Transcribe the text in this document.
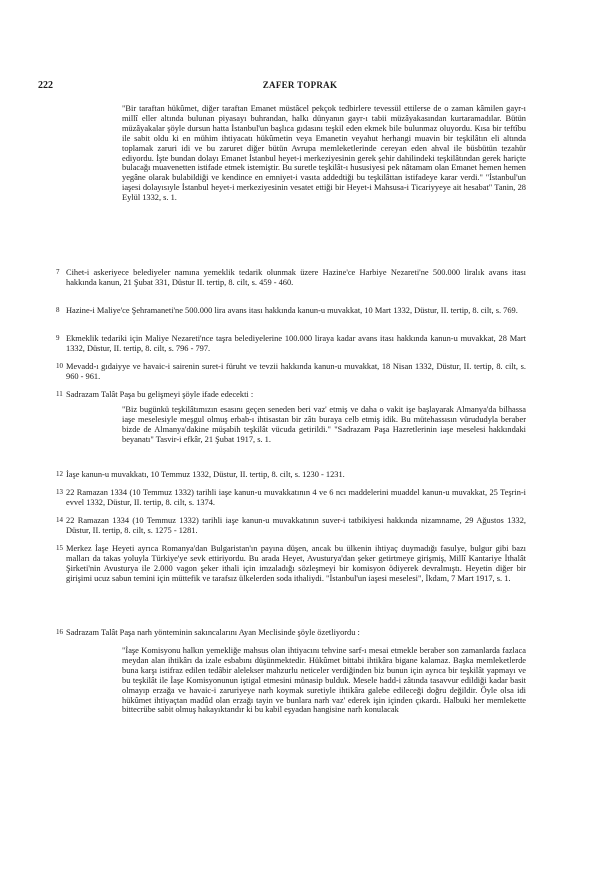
222	ZAFER TOPRAK

"Bir taraftan hükûmet, diğer taraftan Emanet müstâcel pekçok tedbirlere tevessül ettilerse de o zaman kâmilen gayr-ı millî eller altında bulunan piyasayı buhrandan, halkı dünyanın gayr-ı tabii müzâyakasından kurtaramadılar. Bütün müzâyakalar şöyle dursun hatta İstanbul'un başlıca gıdasını teşkil eden ekmek bile bulunmaz oluyordu. Kısa bir teftîbu ile sabit oldu ki en mühim ihtiyacatı hükûmetin veya Emanetin veyahut herhangi muavin bir teşkilâtın eli altında toplamak zaruri idi ve bu zaruret diğer bütün Avrupa memleketlerinde cereyan eden ahval ile büsbütün tezahür ediyordu. İşte bundan dolayı Emanet İstanbul heyet-i merkeziyesinin gerek şehir dahilindeki teşkilâtından gerek hariçte bulacağı muavenetten istifade etmek istemiştir. Bu suretle teşkilât-ı hususiyesi pek nâtamam olan Emanet hemen hemen yegâne olarak bulabildiği ve kendince en emniyet-i vasıta addedtiği bu teşkilâttan istifadeye karar verdi." "İstanbul'un iaşesi dolayısıyle İstanbul heyet-i merkeziyesinin vesatet ettiği bir Heyet-i Mahsusa-i Ticariyyeye ait hesabat" Tanin, 28 Eylül 1332, s. 1.

7 Cihet-i askeriyece belediyeler namına yemeklik tedarik olunmak üzere Hazine'ce Harbiye Nezareti'ne 500.000 liralık avans itası hakkında kanun, 21 Şubat 331, Düstur II. tertip, 8. cilt, s. 459 - 460.

8 Hazine-i Maliye'ce Şehramaneti'ne 500.000 lira avans itası hakkında kanun-u muvakkat, 10 Mart 1332, Düstur, II. tertip, 8. cilt, s. 769.

9 Ekmeklik tedariki için Maliye Nezareti'nce taşra belediyelerine 100.000 liraya kadar avans itası hakkında kanun-u muvakkat, 28 Mart 1332, Düstur, II. tertip, 8. cilt, s. 796 - 797.

10 Mevadd-ı gıdaiyye ve havaic-i sairenin suret-i füruht ve tevzii hakkında kanun-u muvakkat, 18 Nisan 1332, Düstur, II. tertip, 8. cilt, s. 960 - 961.

11 Sadrazam Talât Paşa bu gelişmeyi şöyle ifade edecekti :

"Biz bugünkü teşkilâtımızın esasını geçen seneden beri vaz' etmiş ve daha o vakit işe başlayarak Almanya'da bilhassa iaşe meselesiyle meşgul olmuş erbab-ı ihtisastan bir zâtı buraya celb etmiş idik. Bu mütehassısın vürududyla beraber bizde de Almanya'dakine müşabih teşkilât vücuda getirildi." "Sadrazam Paşa Hazretlerinin iaşe meselesi hakkındaki beyanatı" Tasvir-i efkâr, 21 Şubat 1917, s. 1.

12 İaşe kanun-u muvakkatı, 10 Temmuz 1332, Düstur, II. tertip, 8. cilt, s. 1230 - 1231.

13 22 Ramazan 1334 (10 Temmuz 1332) tarihli iaşe kanun-u muvakkatının 4 ve 6 ncı maddelerini muaddel kanun-u muvakkat, 25 Teşrin-i evvel 1332, Düstur, II. tertip, 8. cilt, s. 1374.

14 22 Ramazan 1334 (10 Temmuz 1332) tarihli iaşe kanun-u muvakkatının suver-i tatbikiyesi hakkında nizamname, 29 Ağustos 1332, Düstur, II. tertip, 8. cilt, s. 1275 - 1281.

15 Merkez İaşe Heyeti ayrıca Romanya'dan Bulgaristan'ın payına düşen, ancak bu ülkenin ihtiyaç duymadığı fasulye, bulgur gibi bazı malları da takas yoluyla Türkiye'ye sevk ettiriyordu. Bu arada Heyet, Avusturya'dan şeker getirtmeye girişmiş, Millî Kantariye İthalât Şirketi'nin Avusturya ile 2.000 vagon şeker ithali için imzaladığı sözleşmeyi bir komisyon ödiyerek devralmıştı. Heyetin diğer bir girişimi ucuz sabun temini için müttefik ve tarafsız ülkelerden soda ithaliydi. "İstanbul'un iaşesi meselesi", İkdam, 7 Mart 1917, s. 1.

16 Sadrazam Talât Paşa narh yönteminin sakıncalarını Ayan Meclisinde şöyle özetliyordu :

"İaşe Komisyonu halkın yemekliğe mahsus olan ihtiyacını tehvine sarf-ı mesai etmekle beraber son zamanlarda fazlaca meydan alan ihtikârı da izale esbabını düşünmektedir. Hükûmet bittabi ihtikâra bigane kalamaz. Başka memleketlerde buna karşı istifraz edilen tedâbir alelekser mahzurlu neticeler verdiğinden biz bunun için ayrıca bir teşkilât yapmayı ve bu teşkilât ile İaşe Komisyonunun iştigal etmesini münasip bulduk. Mesele hadd-i zâtında tasavvur edildiği kadar basit olmayıp erzağa ve havaic-i zaruriyeye narh koymak suretiyle ihtikâra galebe edileceği doğru değildir. Öyle olsa idi hükûmet ihtiyaçtan madûd olan erzağı tayin ve bunlara narh vaz' ederek işin içinden çıkardı. Halbuki her memlekette bittecrübe sabit olmuş hakayıktandır ki bu kabil eşyadan hangisine narh konulacak
